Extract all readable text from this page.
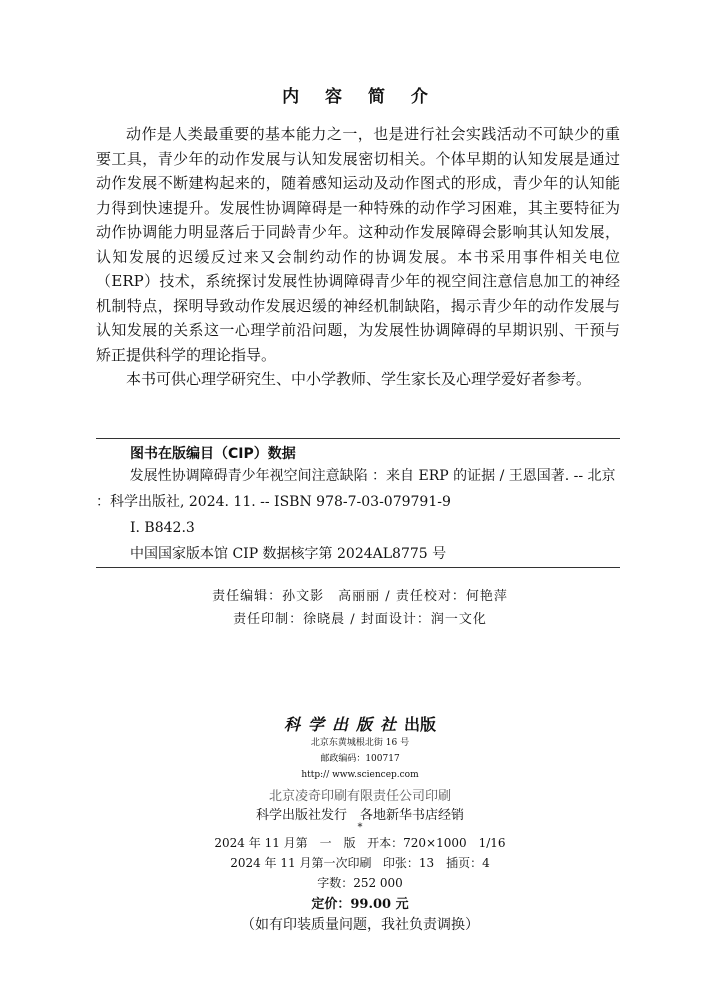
内 容 简 介

动作是人类最重要的基本能力之一，也是进行社会实践活动不可缺少的重要工具，青少年的动作发展与认知发展密切相关。个体早期的认知发展是通过动作发展不断建构起来的，随着感知运动及动作图式的形成，青少年的认知能力得到快速提升。发展性协调障碍是一种特殊的动作学习困难，其主要特征为动作协调能力明显落后于同龄青少年。这种动作发展障碍会影响其认知发展，认知发展的迟缓反过来又会制约动作的协调发展。本书采用事件相关电位（ERP）技术，系统探讨发展性协调障碍青少年的视空间注意信息加工的神经机制特点，探明导致动作发展迟缓的神经机制缺陷，揭示青少年的动作发展与认知发展的关系这一心理学前沿问题，为发展性协调障碍的早期识别、干预与矫正提供科学的理论指导。

本书可供心理学研究生、中小学教师、学生家长及心理学爱好者参考。

图书在版编目（CIP）数据
发展性协调障碍青少年视空间注意缺陷 ：来自 ERP 的证据 / 王恩国著. -- 北京 ：科学出版社, 2024. 11. -- ISBN 978-7-03-079791-9
Ⅰ. B842.3
中国国家版本馆 CIP 数据核字第 2024AL8775 号
责任编辑：孙文影　高丽丽 / 责任校对：何艳萍
责任印制：徐晓晨 / 封面设计：润一文化
科学出版社出版
北京东黄城根北街 16 号
邮政编码：100717
http:// www.sciencep.com
北京凌奇印刷有限责任公司印刷
科学出版社发行　各地新华书店经销
*
2024 年 11 月第　一　版 开本：720×1000　1/16
2024 年 11 月第一次印刷 印张：13　插页：4
字数：252 000
定价：99.00 元
（如有印装质量问题，我社负责调换）
